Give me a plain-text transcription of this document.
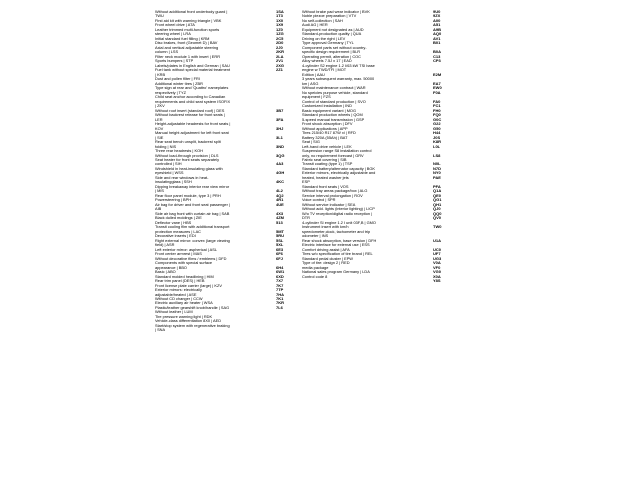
Without additional front underbody guard |
TWU
First aid kit with warning triangle | VBK
Front wheel drive | ATA
Leather trimmed multi-function sports
steering wheel | LRA
Initial standard fuel filling | KRM
Disc brakes, front (Geomet D) | BAV
Axial and vertical adjustable steering
column | LSS
Filter neck module 1 with insert | ERR
Sports bumpers | STP
Labels/plates in English and German | SAU
Fuel tank without special material treatment
| KRB
Dust and pollen filter | FRI
Additional winter tires | ZBR
Type sign at rear and 'Quattro' nameplates
respectively | TYZ
Child seat anchor according to Canadian
requirements and child seat system ISOFIX
| ZKV
Without roof insert (standard roof) | DES
Without backrest release for front seats |
LER
Height-adjustable headrests for front seats |
KOV
Manual height adjustment for left front seat
| SIE
Rear seat bench unsplit, backrest split
folding | NIS
Three rear headrests | KOH
Without load-through provision | DLS
Seat heater for front seats separately
controlled | SIH
Windshield in heat-insulating glass with
eyeshield | WSS
Side and rear windows in heat-
insulatingglass | SSH
Dipping breakaway interior rear view mirror
| MIS
Rear floor panel module, type 3 | PRH
Powersteering | BPH
Air bag for driver and front seat passenger |
AIB
Side air bag front with curtain air bag | SAB
Black dulled moldings | ZIE
Deflector vane | HBS
Transit cooling film with additional transport
protection measures | LAC
Decorative inserts | EDI
Right external mirror: convex (large viewing
field) | ASR
Left exterior mirror: aspherical | ASL
Front center armrest | MAS
Without decorative films / emblems | DFD
Components with special surface
appearance | BBO
Basic | ABO
Standard molded headlining | HIM
Rear trim panel (DES) | HEB
Front license plate carrier (large) | KZV
Exterior mirrors: electrically
adjustable/heated | ASE
Without CD changer | CCW
Electric auxiliary air heater | WSA
Plastic/leather gearshift knob/handle | SAG
Without leather | LUM
Tire pressure warning light | RDK
Vehicle-class differentiation 8X0 | AED
Start/stop system with regenerative braking
| SNA
1SA
1T3
1X0
1X9
1Z0
1ZG
2C5
2D0
2J0
2KR
2LA
2V1
2XG
2Z1

3B7

3FA

3HJ

3L1

3ND

3QG

4A3

4GH

4KC

4L2
4Q2
4R1
4UE

4X3
4ZM
513

5MT
5RU
5SL
5XL
6E3
6F6
6FJ

6H4
6W1
6XD
7X7
7K7
7TP
7HA
7K1
7KR
7L6
Without brake pad wear indicator | BVK
Noble piezoe preparation | VTV
No self-collection | SAH
Audi AG | HER
Equipment not designated as | AUD
Standard-production quality | QUA
Driving on the right | LEV
Type approval Germany | TYL
Component parts set without country-
specific design requirement | BLR
Operating permit, alteration | COC
Alloy wheels 7.5J x 17 | EAD
4-cylinder S2 engine 1.2 I/63 kW TSI base
engine w TWD/TFI | MOT
Edition | AAU
3 years subsequent warranty, max. 50000
km | ASG
Without maintenance contract | WAR
No speicies purpose vehicle, standard
equipment | FZS
Control of standard production | SVO
Customized installation | IND
Basic equipment variant | MOG
Standard production wheels | QOM
5-speed manual transmission | GSP
Front shock absorption | DFV
Without applications | APP
Tires 215/40 R17 87W xl | RFD
Battery 320A (55Ah) | BAT
Seat | SIG
Left-hand drive vehicle | LEK
Suspension range S8 installation control
only, no requirement forecast | GRV
Fabric seat covering | SIB
Transit coating (type 1) | TSP
Standard battery/alternator capacity | BGK
Exterior mirrors, electrically adjustable and
heated, heated washer jets
ESP
Standard front seats | VOS
Without tray areas package/box | ALG
Service interval prolongation | ROV
Voice control | SPR
Without service indicator | SEA
Without add. lights (interior lighting) | LICP
W/o TV reception/digital radio reception |
DTR
4-cylinder SI engine 1.2 I unit 03F,B | GMO
Instrument insert with km/h
speedometer,clock, tachometer and trip
odometer | INS
Rear shock absorption, base version | DFH
Electric interface for external use | ESS
Comfort driving assist | AFA
Tires w/o specification of tire brand | REL
Standard pedal cluster | EPW
Type of tire: design 2 | RED
media package
National sales program Germany | LDA
Control code 8
9U0
9ZX
A00
A51
A9B
AQ0
AV1
B01

B0A
C13
CP3

E2M

EA7
EW0
F0A

FA0
FC1
FH0
FQ0
G0C
G22
G50
H44
J0S
K8R
L0L

LS8

N0L
N7D
NY0
PAE

PFA
Q1A
QE0
QG1
QH1
QJ0
QQ0
QV0

TW0

U1A

UC0
UF7
UG3
V0A
VF0
VG0
X0A
Y8S
